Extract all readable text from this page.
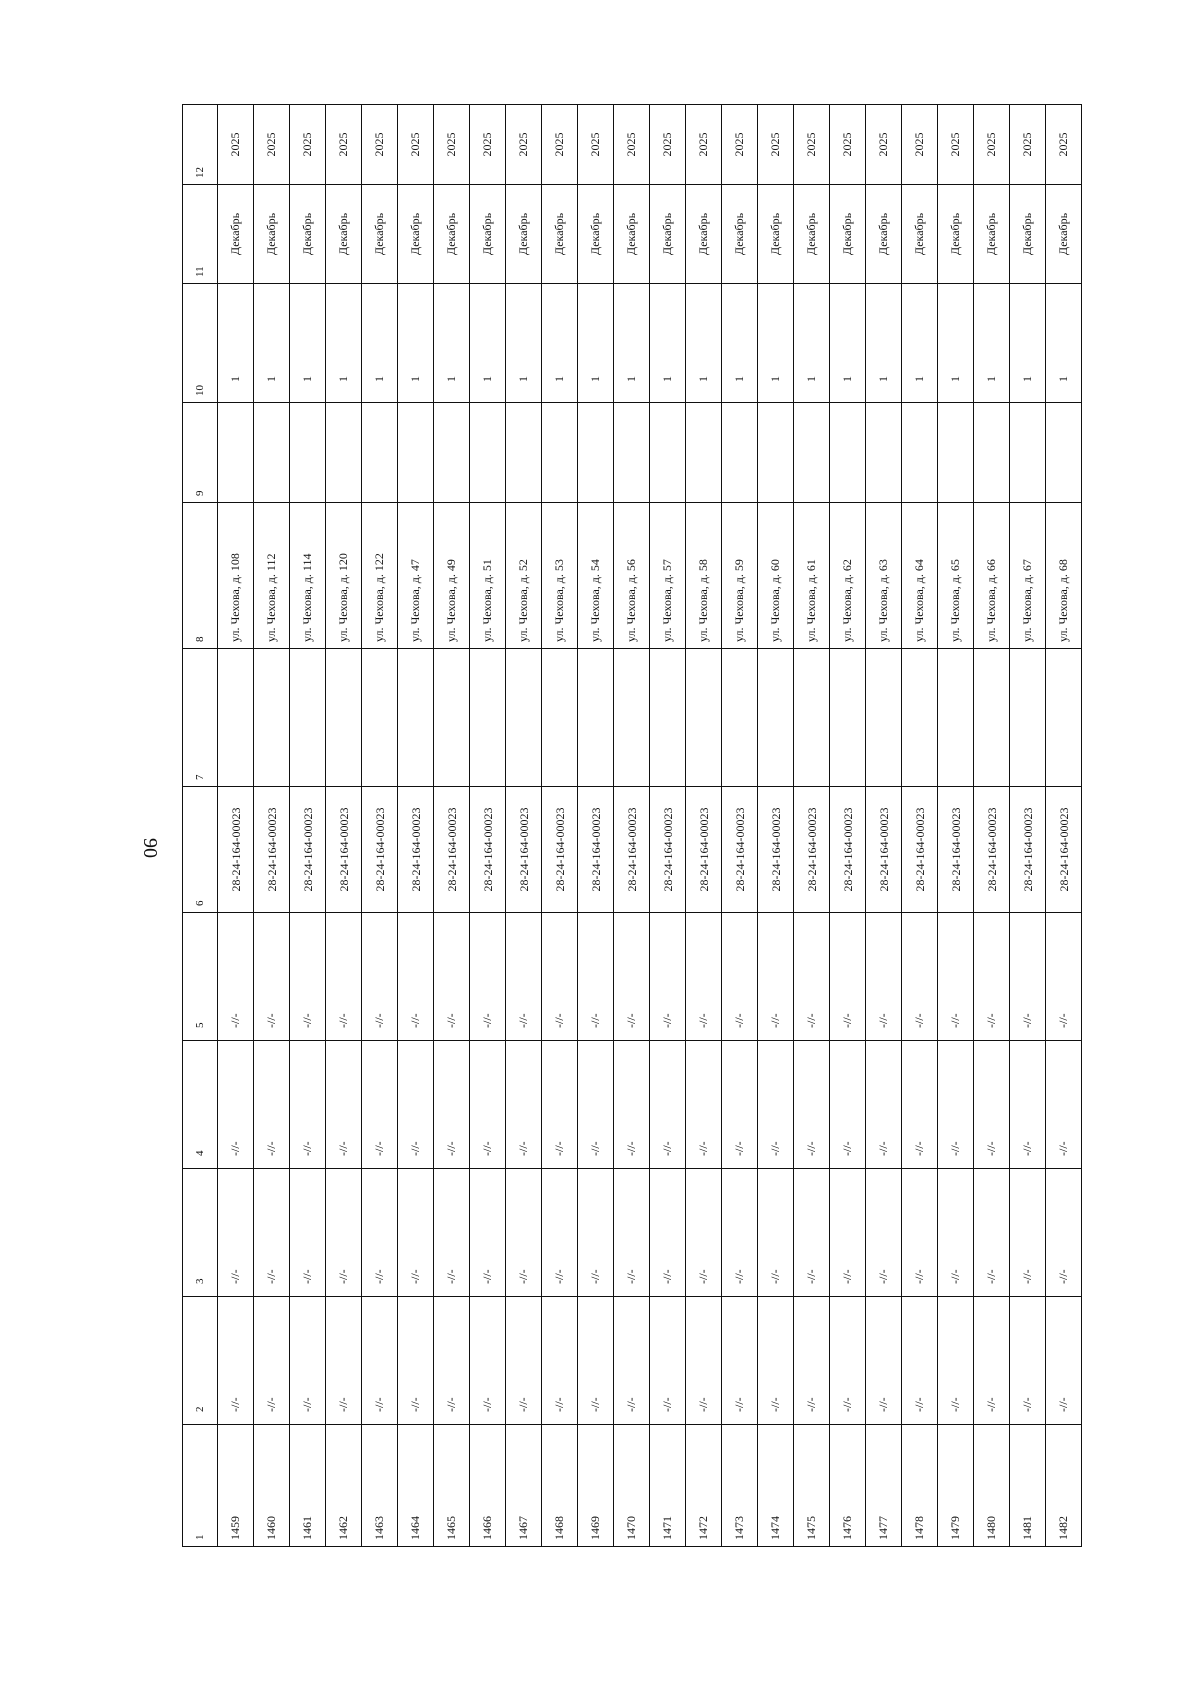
90
1	2	3	4	5	6	7	8	9	10	11	12
1459	-//-	-//-	-//-	-//-	28-24-164-00023		ул. Чехова, д. 108		1	Декабрь	2025
1460	-//-	-//-	-//-	-//-	28-24-164-00023		ул. Чехова, д. 112		1	Декабрь	2025
1461	-//-	-//-	-//-	-//-	28-24-164-00023		ул. Чехова, д. 114		1	Декабрь	2025
1462	-//-	-//-	-//-	-//-	28-24-164-00023		ул. Чехова, д. 120		1	Декабрь	2025
1463	-//-	-//-	-//-	-//-	28-24-164-00023		ул. Чехова, д. 122		1	Декабрь	2025
1464	-//-	-//-	-//-	-//-	28-24-164-00023		ул. Чехова, д. 47		1	Декабрь	2025
1465	-//-	-//-	-//-	-//-	28-24-164-00023		ул. Чехова, д. 49		1	Декабрь	2025
1466	-//-	-//-	-//-	-//-	28-24-164-00023		ул. Чехова, д. 51		1	Декабрь	2025
1467	-//-	-//-	-//-	-//-	28-24-164-00023		ул. Чехова, д. 52		1	Декабрь	2025
1468	-//-	-//-	-//-	-//-	28-24-164-00023		ул. Чехова, д. 53		1	Декабрь	2025
1469	-//-	-//-	-//-	-//-	28-24-164-00023		ул. Чехова, д. 54		1	Декабрь	2025
1470	-//-	-//-	-//-	-//-	28-24-164-00023		ул. Чехова, д. 56		1	Декабрь	2025
1471	-//-	-//-	-//-	-//-	28-24-164-00023		ул. Чехова, д. 57		1	Декабрь	2025
1472	-//-	-//-	-//-	-//-	28-24-164-00023		ул. Чехова, д. 58		1	Декабрь	2025
1473	-//-	-//-	-//-	-//-	28-24-164-00023		ул. Чехова, д. 59		1	Декабрь	2025
1474	-//-	-//-	-//-	-//-	28-24-164-00023		ул. Чехова, д. 60		1	Декабрь	2025
1475	-//-	-//-	-//-	-//-	28-24-164-00023		ул. Чехова, д. 61		1	Декабрь	2025
1476	-//-	-//-	-//-	-//-	28-24-164-00023		ул. Чехова, д. 62		1	Декабрь	2025
1477	-//-	-//-	-//-	-//-	28-24-164-00023		ул. Чехова, д. 63		1	Декабрь	2025
1478	-//-	-//-	-//-	-//-	28-24-164-00023		ул. Чехова, д. 64		1	Декабрь	2025
1479	-//-	-//-	-//-	-//-	28-24-164-00023		ул. Чехова, д. 65		1	Декабрь	2025
1480	-//-	-//-	-//-	-//-	28-24-164-00023		ул. Чехова, д. 66		1	Декабрь	2025
1481	-//-	-//-	-//-	-//-	28-24-164-00023		ул. Чехова, д. 67		1	Декабрь	2025
1482	-//-	-//-	-//-	-//-	28-24-164-00023		ул. Чехова, д. 68		1	Декабрь	2025
